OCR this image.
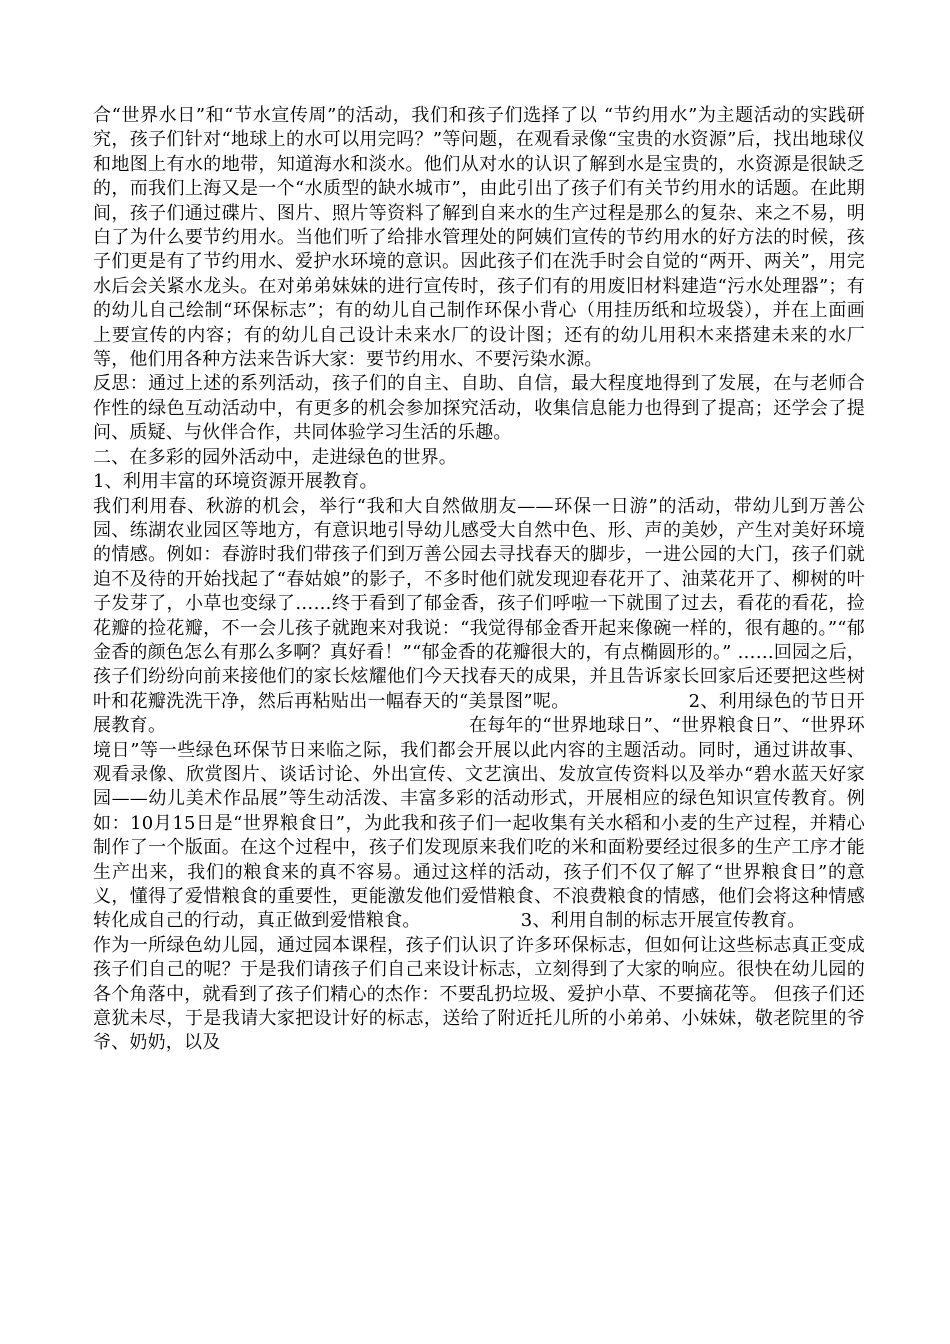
合“世界水日”和“节水宣传周”的活动，我们和孩子们选择了以 “节约用水”为主题活动的实践研究，孩子们针对“地球上的水可以用完吗？”等问题，在观看录像“宝贵的水资源”后，找出地球仪和地图上有水的地带，知道海水和淡水。他们从对水的认识了解到水是宝贵的，水资源是很缺乏的，而我们上海又是一个“水质型的缺水城市”，由此引出了孩子们有关节约用水的话题。在此期间，孩子们通过碟片、图片、照片等资料了解到自来水的生产过程是那么的复杂、来之不易，明白了为什么要节约用水。当他们听了给排水管理处的阿姨们宣传的节约用水的好方法的时候，孩子们更是有了节约用水、爱护水环境的意识。因此孩子们在洗手时会自觉的“两开、两关”，用完水后会关紧水龙头。在对弟弟妹妹的进行宣传时，孩子们有的用废旧材料建造“污水处理器”；有的幼儿自己绘制“环保标志”；有的幼儿自己制作环保小背心（用挂历纸和垃圾袋），并在上面画上要宣传的内容；有的幼儿自己设计未来水厂的设计图；还有的幼儿用积木来搭建未来的水厂等，他们用各种方法来告诉大家：要节约用水、不要污染水源。

反思：通过上述的系列活动，孩子们的自主、自助、自信，最大程度地得到了发展，在与老师合作性的绿色互动活动中，有更多的机会参加探究活动，收集信息能力也得到了提高；还学会了提问、质疑、与伙伴合作，共同体验学习生活的乐趣。

二、在多彩的园外活动中，走进绿色的世界。

1、利用丰富的环境资源开展教育。

我们利用春、秋游的机会，举行“我和大自然做朋友——环保一日游”的活动，带幼儿到万善公园、练湖农业园区等地方，有意识地引导幼儿感受大自然中色、形、声的美妙，产生对美好环境的情感。例如：春游时我们带孩子们到万善公园去寻找春天的脚步，一进公园的大门，孩子们就迫不及待的开始找起了“春姑娘”的影子，不多时他们就发现迎春花开了、油菜花开了、柳树的叶子发芽了，小草也变绿了……终于看到了郁金香，孩子们呼啦一下就围了过去，看花的看花，捡花瓣的捡花瓣，不一会儿孩子就跑来对我说：“我觉得郁金香开起来像碗一样的，很有趣的。”“郁金香的颜色怎么有那么多啊？真好看！”“郁金香的花瓣很大的，有点椭圆形的。” ……回园之后，孩子们纷纷向前来接他们的家长炫耀他们今天找春天的成果，并且告诉家长回家后还要把这些树叶和花瓣洗洗干净，然后再粘贴出一幅春天的“美景图”呢。　　　　　　　2、利用绿色的节日开展教育。　　　　　　　　　　　　　　　　　在每年的“世界地球日”、“世界粮食日”、“世界环境日”等一些绿色环保节日来临之际，我们都会开展以此内容的主题活动。同时，通过讲故事、观看录像、欣赏图片、谈话讨论、外出宣传、文艺演出、发放宣传资料以及举办“碧水蓝天好家园——幼儿美术作品展”等生动活泼、丰富多彩的活动形式，开展相应的绿色知识宣传教育。例如：10月15日是“世界粮食日”，为此我和孩子们一起收集有关水稻和小麦的生产过程，并精心制作了一个版面。在这个过程中，孩子们发现原来我们吃的米和面粉要经过很多的生产工序才能生产出来，我们的粮食来的真不容易。通过这样的活动，孩子们不仅了解了“世界粮食日”的意义，懂得了爱惜粮食的重要性，更能激发他们爱惜粮食、不浪费粮食的情感，他们会将这种情感转化成自己的行动，真正做到爱惜粮食。　　　　　　3、利用自制的标志开展宣传教育。

作为一所绿色幼儿园，通过园本课程，孩子们认识了许多环保标志，但如何让这些标志真正变成孩子们自己的呢？于是我们请孩子们自己来设计标志，立刻得到了大家的响应。很快在幼儿园的各个角落中，就看到了孩子们精心的杰作：不要乱扔垃圾、爱护小草、不要摘花等。 但孩子们还意犹未尽，于是我请大家把设计好的标志，送给了附近托儿所的小弟弟、小妹妹，敬老院里的爷爷、奶奶，以及
